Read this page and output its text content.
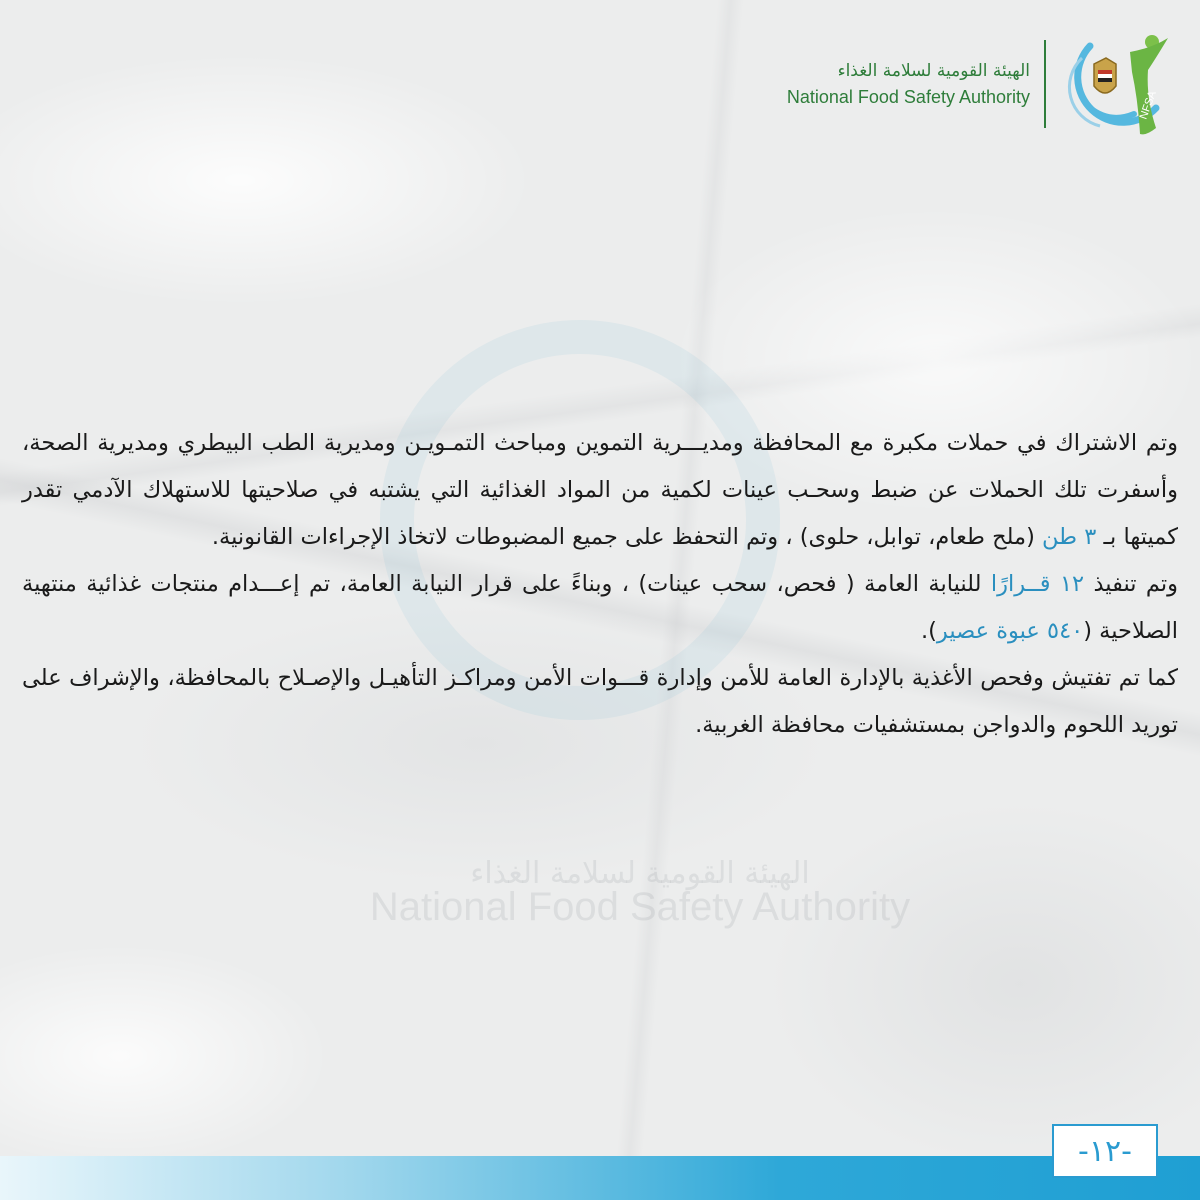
الهيئة القومية لسلامة الغذاء
National Food Safety Authority
الهيئة القومية لسلامة الغذاء
National Food Safety Authority	NFSA

وتم الاشتراك في حملات مكبرة مع المحافظة ومديـــرية التموين ومباحث التمـويـن ومديرية الطب البيطري ومديرية الصحة، وأسفرت تلك الحملات عن ضبط وسحـب عينات لكمية من المواد الغذائية التي يشتبه في صلاحيتها للاستهلاك الآدمي تقدر كميتها بـ ٣ طن (ملح طعام، توابل، حلوى) ، وتم التحفظ على جميع المضبوطات لاتخاذ الإجراءات القانونية.

وتم تنفيذ ١٢ قــرارًا للنيابة العامة ( فحص، سحب عينات) ، وبناءً على قرار النيابة العامة، تم إعـــدام منتجات غذائية منتهية الصلاحية (٥٤٠ عبوة عصير).

كما تم تفتيش وفحص الأغذية بالإدارة العامة للأمن وإدارة قـــوات الأمن ومراكـز التأهيـل والإصـلاح بالمحافظة، والإشراف على توريد اللحوم والدواجن بمستشفيات محافظة الغربية.

-١٢-
